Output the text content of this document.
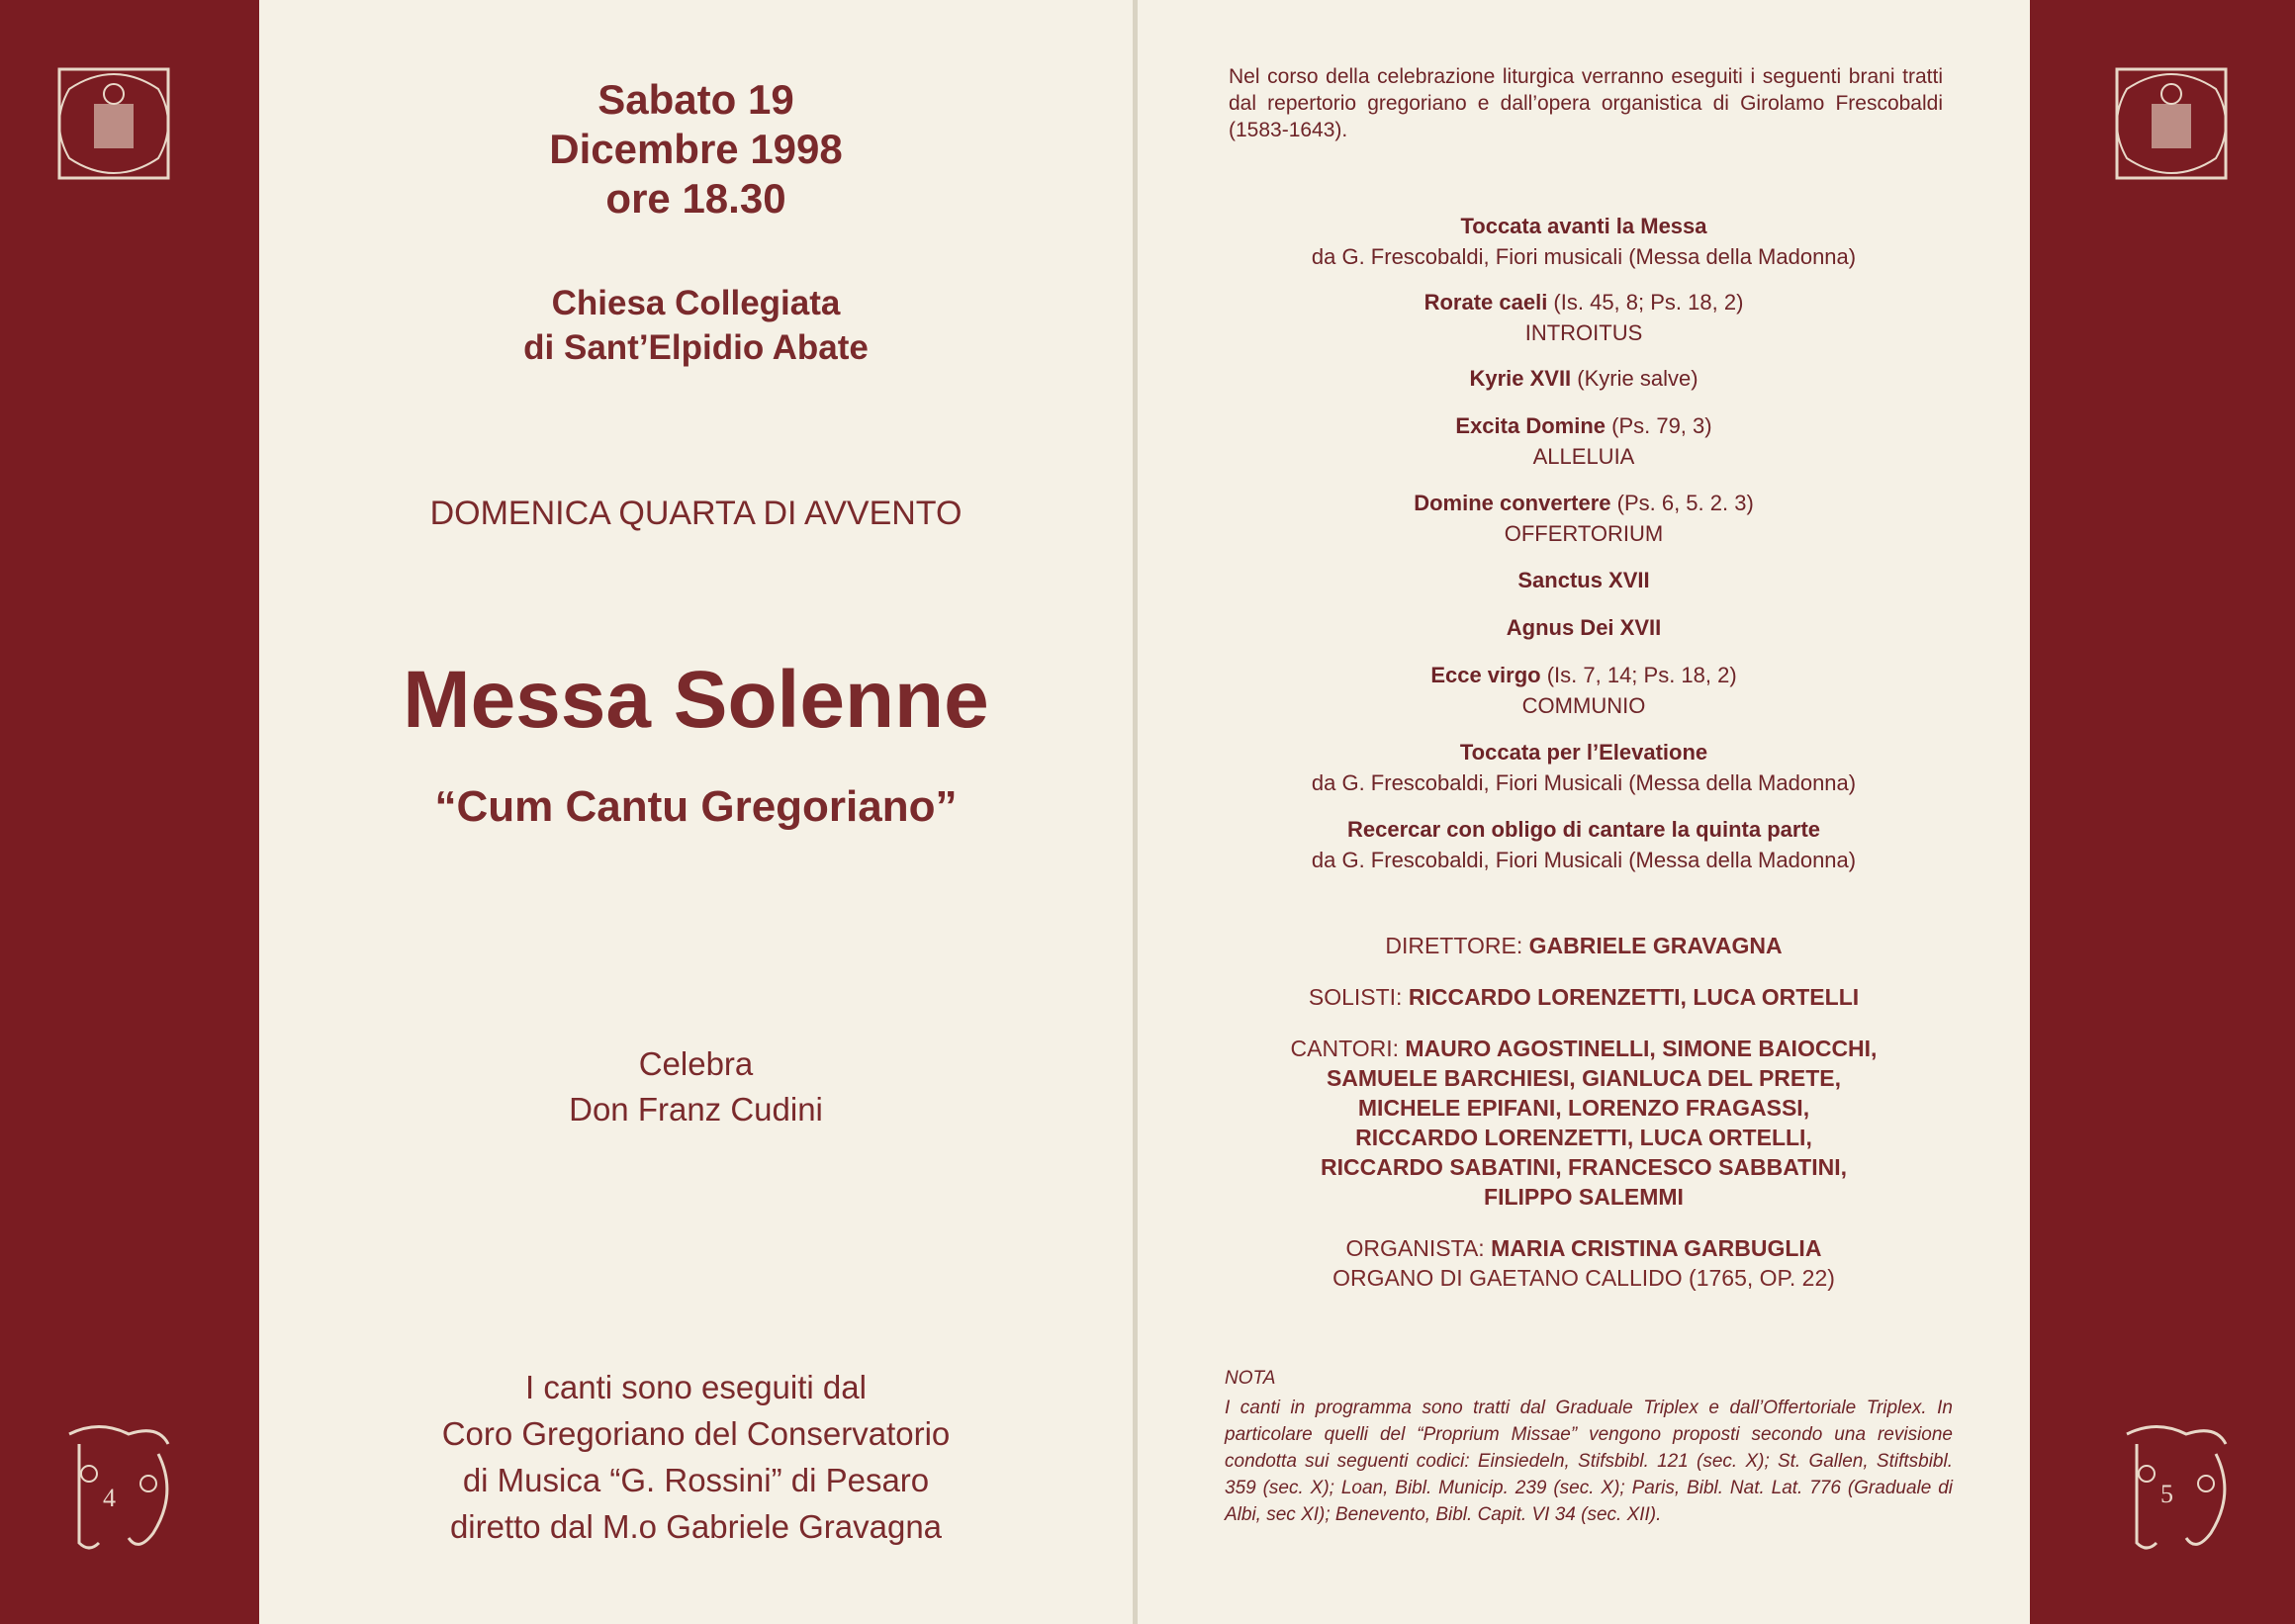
4	5
Sabato 19
Dicembre 1998
ore 18.30
Chiesa Collegiata
di Sant’Elpidio Abate
DOMENICA QUARTA DI AVVENTO
Messa Solenne
“Cum Cantu Gregoriano”
Celebra
Don Franz Cudini
I canti sono eseguiti dal
Coro Gregoriano del Conservatorio
di Musica “G. Rossini” di Pesaro
diretto dal M.o Gabriele Gravagna
Nel corso della celebrazione liturgica verranno eseguiti i seguenti brani tratti dal repertorio gregoriano e dall’opera organistica di Girolamo Frescobaldi (1583-1643).
Toccata avanti la Messa
da G. Frescobaldi, Fiori musicali (Messa della Madonna)
Rorate caeli (Is. 45, 8; Ps. 18, 2)
INTROITUS
Kyrie XVII (Kyrie salve)
Excita Domine (Ps. 79, 3)
ALLELUIA
Domine convertere (Ps. 6, 5. 2. 3)
OFFERTORIUM
Sanctus XVII
Agnus Dei XVII
Ecce virgo (Is. 7, 14; Ps. 18, 2)
COMMUNIO
Toccata per l’Elevatione
da G. Frescobaldi, Fiori Musicali (Messa della Madonna)
Recercar con obligo di cantare la quinta parte
da G. Frescobaldi, Fiori Musicali (Messa della Madonna)
DIRETTORE: GABRIELE GRAVAGNA
SOLISTI: RICCARDO LORENZETTI, LUCA ORTELLI
CANTORI: MAURO AGOSTINELLI, SIMONE BAIOCCHI,
SAMUELE BARCHIESI, GIANLUCA DEL PRETE,
MICHELE EPIFANI, LORENZO FRAGASSI,
RICCARDO LORENZETTI, LUCA ORTELLI,
RICCARDO SABATINI, FRANCESCO SABBATINI,
FILIPPO SALEMMI
ORGANISTA: MARIA CRISTINA GARBUGLIA
ORGANO DI GAETANO CALLIDO (1765, OP. 22)
NOTA
I canti in programma sono tratti dal Graduale Triplex e dall’Offertoriale Triplex. In particolare quelli del “Proprium Missae” vengono proposti secondo una revisione condotta sui seguenti codici: Einsiedeln, Stifsbibl. 121 (sec. X); St. Gallen, Stiftsbibl. 359 (sec. X); Loan, Bibl. Municip. 239 (sec. X); Paris, Bibl. Nat. Lat. 776 (Graduale di Albi, sec XI); Benevento, Bibl. Capit. VI 34 (sec. XII).
